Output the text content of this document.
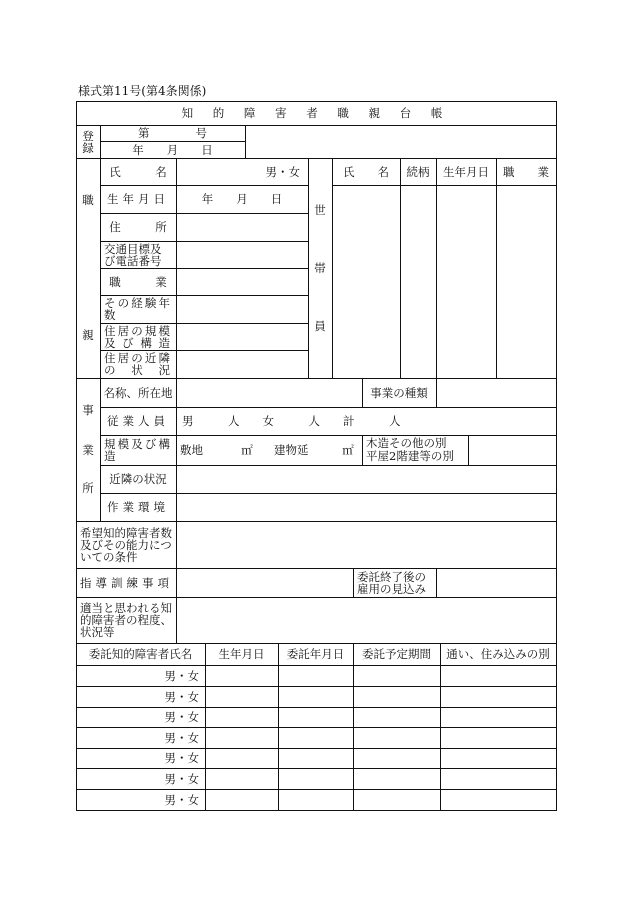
様式第11号(第4条関係)
知 的 障 害 者 職 親 台 帳
登録
第　　　　号
年　　月　　日
職
親
氏　　　名	男・女
生年月日	年　　月　　日
住　　　所
交通目標及び電話番号
職　　　業
その経験年数
住居の規模及び構造
住居の近隣の状況
氏　　名	続柄	生年月日	職　　業
世
帯
員
事
業
所
名称、所在地	事業の種類
従業人員 男　　　人　　女　　　人　　計　　　人
規模及び構造	敷地	㎡ 建物延	㎡ 木造その他の別
平屋2階建等の別
近隣の状況
作業環境
希望知的障害者数及びその能力についての条件
指導訓練事項	委託終了後の雇用の見込み
適当と思われる知的障害者の程度、状況等
委託知的障害者氏名	生年月日	委託年月日	委託予定期間	通い、住み込みの別
男・女
男・女
男・女
男・女
男・女
男・女
男・女
